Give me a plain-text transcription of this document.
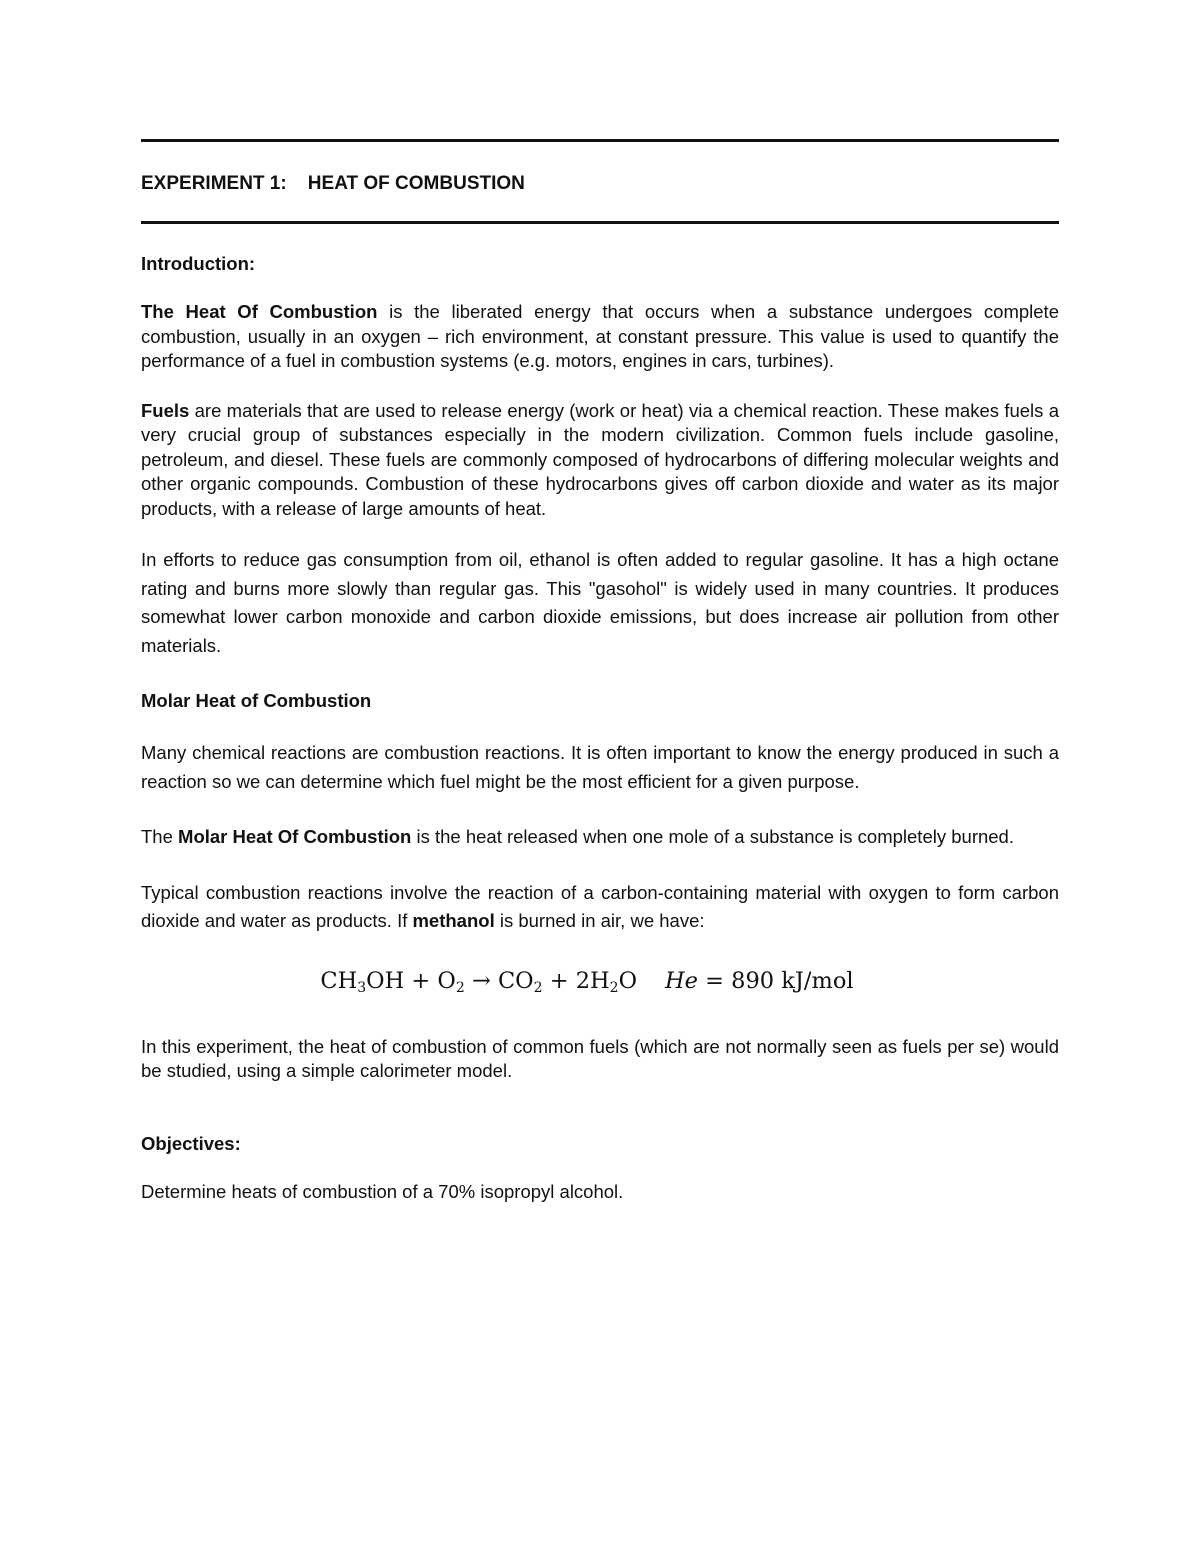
EXPERIMENT 1:    HEAT OF COMBUSTION
Introduction:

The Heat Of Combustion is the liberated energy that occurs when a substance undergoes complete combustion, usually in an oxygen – rich environment, at constant pressure. This value is used to quantify the performance of a fuel in combustion systems (e.g. motors, engines in cars, turbines).

Fuels are materials that are used to release energy (work or heat) via a chemical reaction. These makes fuels a very crucial group of substances especially in the modern civilization. Common fuels include gasoline, petroleum, and diesel. These fuels are commonly composed of hydrocarbons of differing molecular weights and other organic compounds. Combustion of these hydrocarbons gives off carbon dioxide and water as its major products, with a release of large amounts of heat.

In efforts to reduce gas consumption from oil, ethanol is often added to regular gasoline. It has a high octane rating and burns more slowly than regular gas. This "gasohol" is widely used in many countries. It produces somewhat lower carbon monoxide and carbon dioxide emissions, but does increase air pollution from other materials.

Molar Heat of Combustion

Many chemical reactions are combustion reactions. It is often important to know the energy produced in such a reaction so we can determine which fuel might be the most efficient for a given purpose.

The Molar Heat Of Combustion is the heat released when one mole of a substance is completely burned.

Typical combustion reactions involve the reaction of a carbon-containing material with oxygen to form carbon dioxide and water as products. If methanol is burned in air, we have:

$CH_3OH + O_2 \to CO_2 + 2H_2O$ He = 890 kJ/mol

In this experiment, the heat of combustion of common fuels (which are not normally seen as fuels per se) would be studied, using a simple calorimeter model.

Objectives:

Determine heats of combustion of a 70% isopropyl alcohol.
